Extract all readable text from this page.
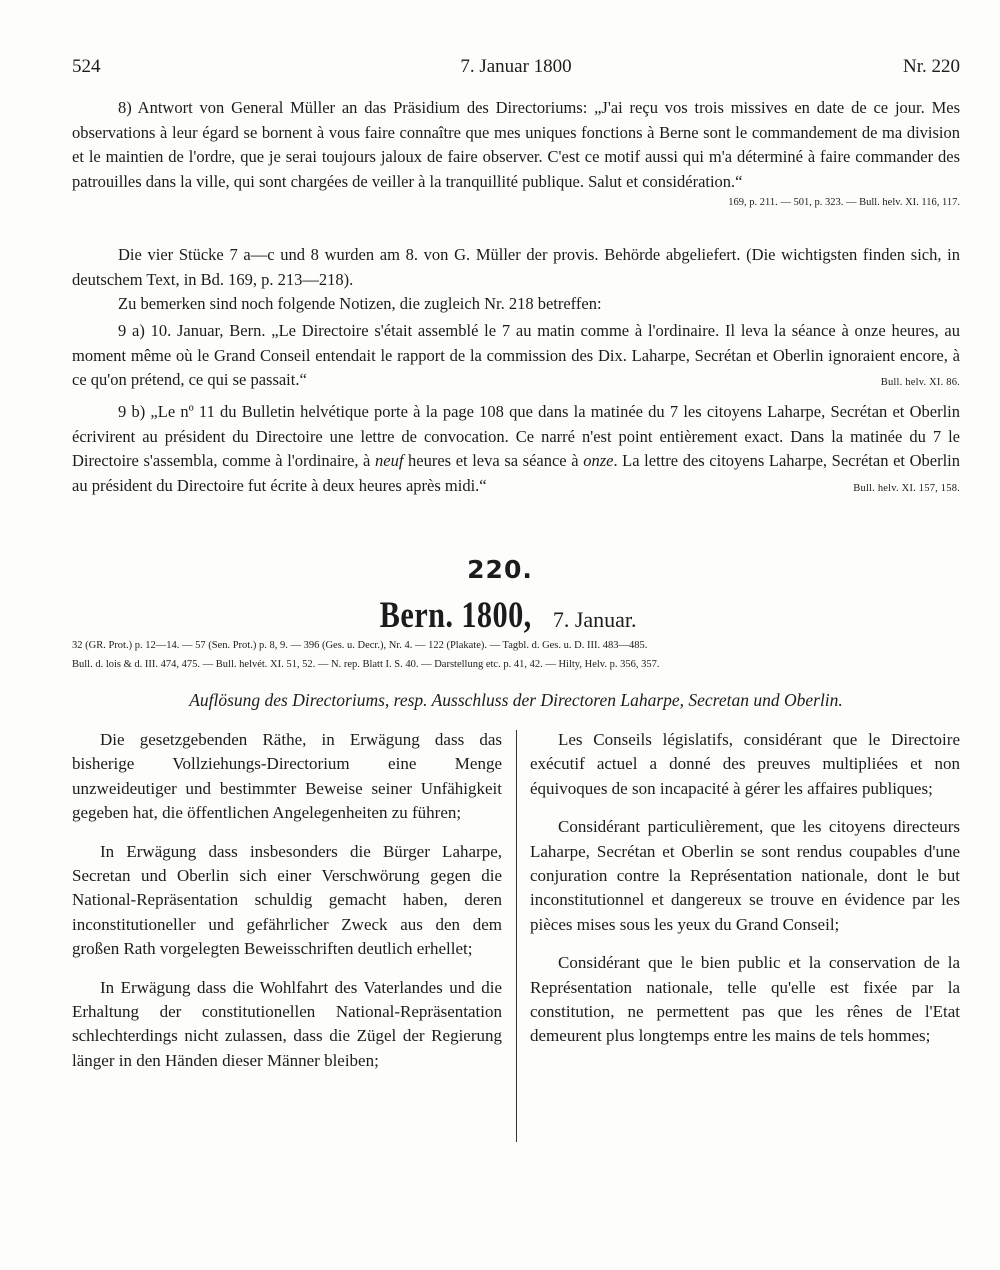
524	7. Januar 1800	Nr. 220

8) Antwort von General Müller an das Präsidium des Directoriums: „J'ai reçu vos trois missives en date de ce jour. Mes observations à leur égard se bornent à vous faire connaître que mes uniques fonctions à Berne sont le commandement de ma division et le maintien de l'ordre, que je serai toujours jaloux de faire observer. C'est ce motif aussi qui m'a déterminé à faire commander des patrouilles dans la ville, qui sont chargées de veiller à la tranquillité publique. Salut et considération.“

169, p. 211. — 501, p. 323. — Bull. helv. XI. 116, 117.

Die vier Stücke 7 a—c und 8 wurden am 8. von G. Müller der provis. Behörde abgeliefert. (Die wichtigsten finden sich, in deutschem Text, in Bd. 169, p. 213—218).

Zu bemerken sind noch folgende Notizen, die zugleich Nr. 218 betreffen:

9 a) 10. Januar, Bern. „Le Directoire s'était assemblé le 7 au matin comme à l'ordinaire. Il leva la séance à onze heures, au moment même où le Grand Conseil entendait le rapport de la commission des Dix. Laharpe, Secrétan et Oberlin ignoraient encore, à ce qu'on prétend, ce qui se passait.“	Bull. helv. XI. 86.

9 b) „Le nº 11 du Bulletin helvétique porte à la page 108 que dans la matinée du 7 les citoyens Laharpe, Secrétan et Oberlin écrivirent au président du Directoire une lettre de convocation. Ce narré n'est point entièrement exact. Dans la matinée du 7 le Directoire s'assembla, comme à l'ordinaire, à neuf heures et leva sa séance à onze. La lettre des citoyens Laharpe, Secrétan et Oberlin au président du Directoire fut écrite à deux heures après midi.“	Bull. helv. XI. 157, 158.

220.
Bern. 1800, 7. Januar.
32 (GR. Prot.) p. 12—14. — 57 (Sen. Prot.) p. 8, 9. — 396 (Ges. u. Decr.), Nr. 4. — 122 (Plakate). — Tagbl. d. Ges. u. D. III. 483—485.
Bull. d. lois & d. III. 474, 475. — Bull. helvét. XI. 51, 52. — N. rep. Blatt I. S. 40. — Darstellung etc. p. 41, 42. — Hilty, Helv. p. 356, 357.
Auflösung des Directoriums, resp. Ausschluss der Directoren Laharpe, Secretan und Oberlin.

Die gesetzgebenden Räthe, in Erwägung dass das bisherige Vollziehungs-Directorium eine Menge unzweideutiger und bestimmter Beweise seiner Unfähigkeit gegeben hat, die öffentlichen Angelegenheiten zu führen;

In Erwägung dass insbesonders die Bürger Laharpe, Secretan und Oberlin sich einer Verschwörung gegen die National-Repräsentation schuldig gemacht haben, deren inconstitutioneller und gefährlicher Zweck aus den dem großen Rath vorgelegten Beweisschriften deutlich erhellet;

In Erwägung dass die Wohlfahrt des Vaterlandes und die Erhaltung der constitutionellen National-Repräsentation schlechterdings nicht zulassen, dass die Zügel der Regierung länger in den Händen dieser Männer bleiben;

Les Conseils législatifs, considérant que le Directoire exécutif actuel a donné des preuves multipliées et non équivoques de son incapacité à gérer les affaires publiques;

Considérant particulièrement, que les citoyens directeurs Laharpe, Secrétan et Oberlin se sont rendus coupables d'une conjuration contre la Représentation nationale, dont le but inconstitutionnel et dangereux se trouve en évidence par les pièces mises sous les yeux du Grand Conseil;

Considérant que le bien public et la conservation de la Représentation nationale, telle qu'elle est fixée par la constitution, ne permettent pas que les rênes de l'Etat demeurent plus longtemps entre les mains de tels hommes;
